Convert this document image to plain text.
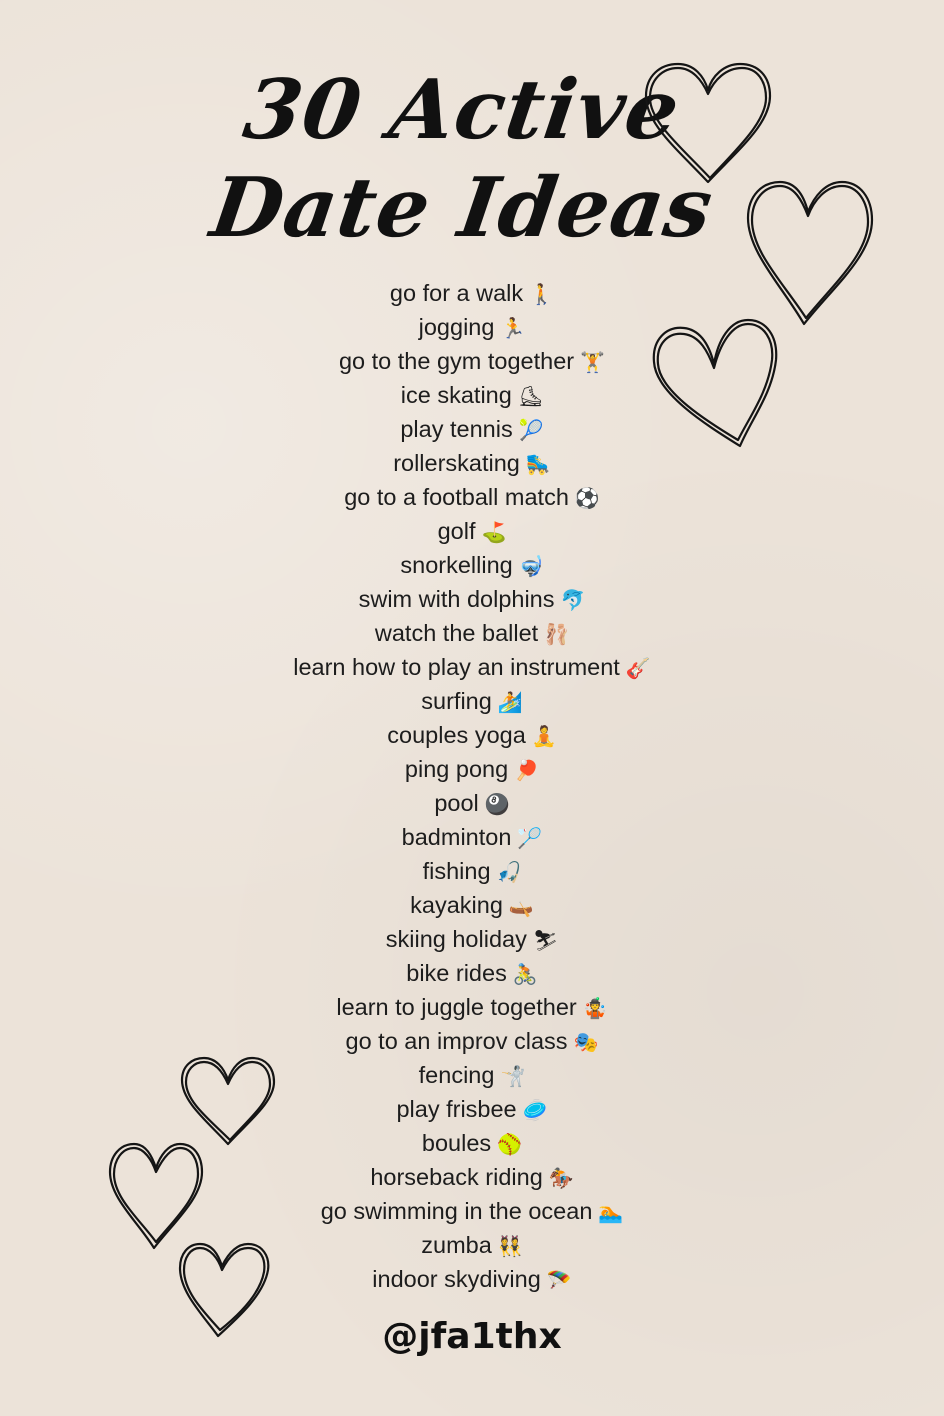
30 Active
Date Ideas
go for a walk 🚶
jogging 🏃
go to the gym together 🏋
ice skating ⛸
play tennis 🎾
rollerskating 🛼
go to a football match ⚽
golf ⛳
snorkelling 🤿
swim with dolphins 🐬
watch the ballet 🩰
learn how to play an instrument 🎸
surfing 🏄
couples yoga 🧘
ping pong 🏓
pool 🎱
badminton 🏸
fishing 🎣
kayaking 🛶
skiing holiday ⛷
bike rides 🚴
learn to juggle together 🤹
go to an improv class 🎭
fencing 🤺
play frisbee 🥏
boules 🥎
horseback riding 🏇
go swimming in the ocean 🏊
zumba 👯
indoor skydiving 🪂
@jfa1thx
